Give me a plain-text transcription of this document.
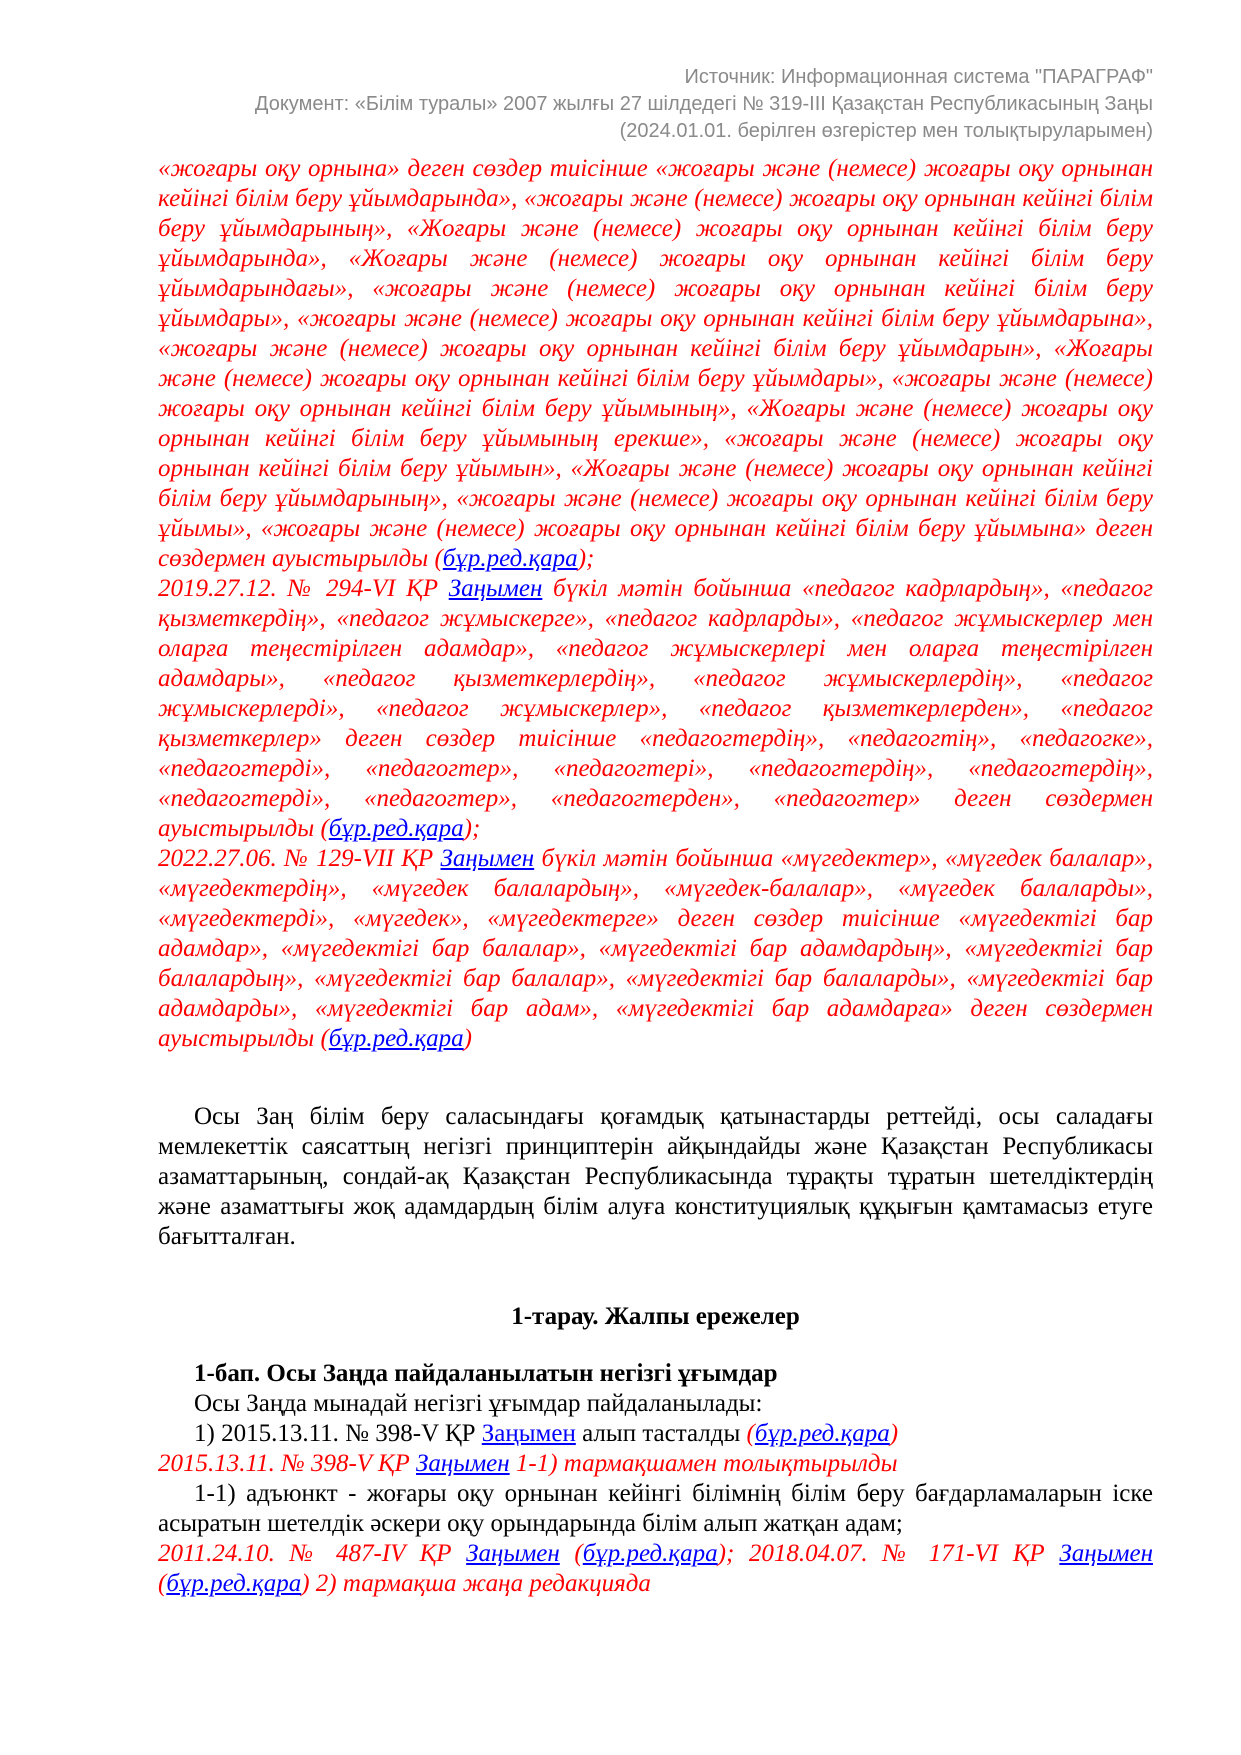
Источник: Информационная система "ПАРАГРАФ"
Документ: «Білім туралы» 2007 жылғы 27 шілдедегі № 319-III Қазақстан Республикасының Заңы
(2024.01.01. берілген өзгерістер мен толықтыруларымен)

«жоғары оқу орнына» деген сөздер тиісінше «жоғары және (немесе) жоғары оқу орнынан кейінгі білім беру ұйымдарында», «жоғары және (немесе) жоғары оқу орнынан кейінгі білім беру ұйымдарының», «Жоғары және (немесе) жоғары оқу орнынан кейінгі білім беру ұйымдарында», «Жоғары және (немесе) жоғары оқу орнынан кейінгі білім беру ұйымдарындағы», «жоғары және (немесе) жоғары оқу орнынан кейінгі білім беру ұйымдары», «жоғары және (немесе) жоғары оқу орнынан кейінгі білім беру ұйымдарына», «жоғары және (немесе) жоғары оқу орнынан кейінгі білім беру ұйымдарын», «Жоғары және (немесе) жоғары оқу орнынан кейінгі білім беру ұйымдары», «жоғары және (немесе) жоғары оқу орнынан кейінгі білім беру ұйымының», «Жоғары және (немесе) жоғары оқу орнынан кейінгі білім беру ұйымының ерекше», «жоғары және (немесе) жоғары оқу орнынан кейінгі білім беру ұйымын», «Жоғары және (немесе) жоғары оқу орнынан кейінгі білім беру ұйымдарының», «жоғары және (немесе) жоғары оқу орнынан кейінгі білім беру ұйымы», «жоғары және (немесе) жоғары оқу орнынан кейінгі білім беру ұйымына» деген сөздермен ауыстырылды (бұр.ред.қара);

2019.27.12. № 294-VI ҚР Заңымен бүкіл мәтін бойынша «педагог кадрлардың», «педагог қызметкердің», «педагог жұмыскерге», «педагог кадрларды», «педагог жұмыскерлер мен оларға теңестірілген адамдар», «педагог жұмыскерлері мен оларға теңестірілген адамдары», «педагог қызметкерлердің», «педагог жұмыскерлердің», «педагог жұмыскерлерді», «педагог жұмыскерлер», «педагог қызметкерлерден», «педагог қызметкерлер» деген сөздер тиісінше «педагогтердің», «педагогтің», «педагогке», «педагогтерді», «педагогтер», «педагогтері», «педагогтердің», «педагогтердің», «педагогтерді», «педагогтер», «педагогтерден», «педагогтер» деген сөздермен ауыстырылды (бұр.ред.қара);

2022.27.06. № 129-VII ҚР Заңымен бүкіл мәтін бойынша «мүгедектер», «мүгедек балалар», «мүгедектердің», «мүгедек балалардың», «мүгедек-балалар», «мүгедек балаларды», «мүгедектерді», «мүгедек», «мүгедектерге» деген сөздер тиісінше «мүгедектігі бар адамдар», «мүгедектігі бар балалар», «мүгедектігі бар адамдардың», «мүгедектігі бар балалардың», «мүгедектігі бар балалар», «мүгедектігі бар балаларды», «мүгедектігі бар адамдарды», «мүгедектігі бар адам», «мүгедектігі бар адамдарға» деген сөздермен ауыстырылды (бұр.ред.қара)

Осы Заң білім беру саласындағы қоғамдық қатынастарды реттейді, осы саладағы мемлекеттік саясаттың негізгі принциптерін айқындайды және Қазақстан Республикасы азаматтарының, сондай-ақ Қазақстан Республикасында тұрақты тұратын шетелдіктердің және азаматтығы жоқ адамдардың білім алуға конституциялық құқығын қамтамасыз етуге бағытталған.

1-тарау. Жалпы ережелер

1-бап. Осы Заңда пайдаланылатын негізгі ұғымдар

Осы Заңда мынадай негізгі ұғымдар пайдаланылады:

1) 2015.13.11. № 398-V ҚР Заңымен алып тасталды (бұр.ред.қара)

2015.13.11. № 398-V ҚР Заңымен 1-1) тармақшамен толықтырылды

1-1) адъюнкт - жоғары оқу орнынан кейінгі білімнің білім беру бағдарламаларын іске асыратын шетелдік әскери оқу орындарында білім алып жатқан адам;

2011.24.10. № 487-IV ҚР Заңымен (бұр.ред.қара); 2018.04.07. № 171-VI ҚР Заңымен (бұр.ред.қара) 2) тармақша жаңа редакцияда
